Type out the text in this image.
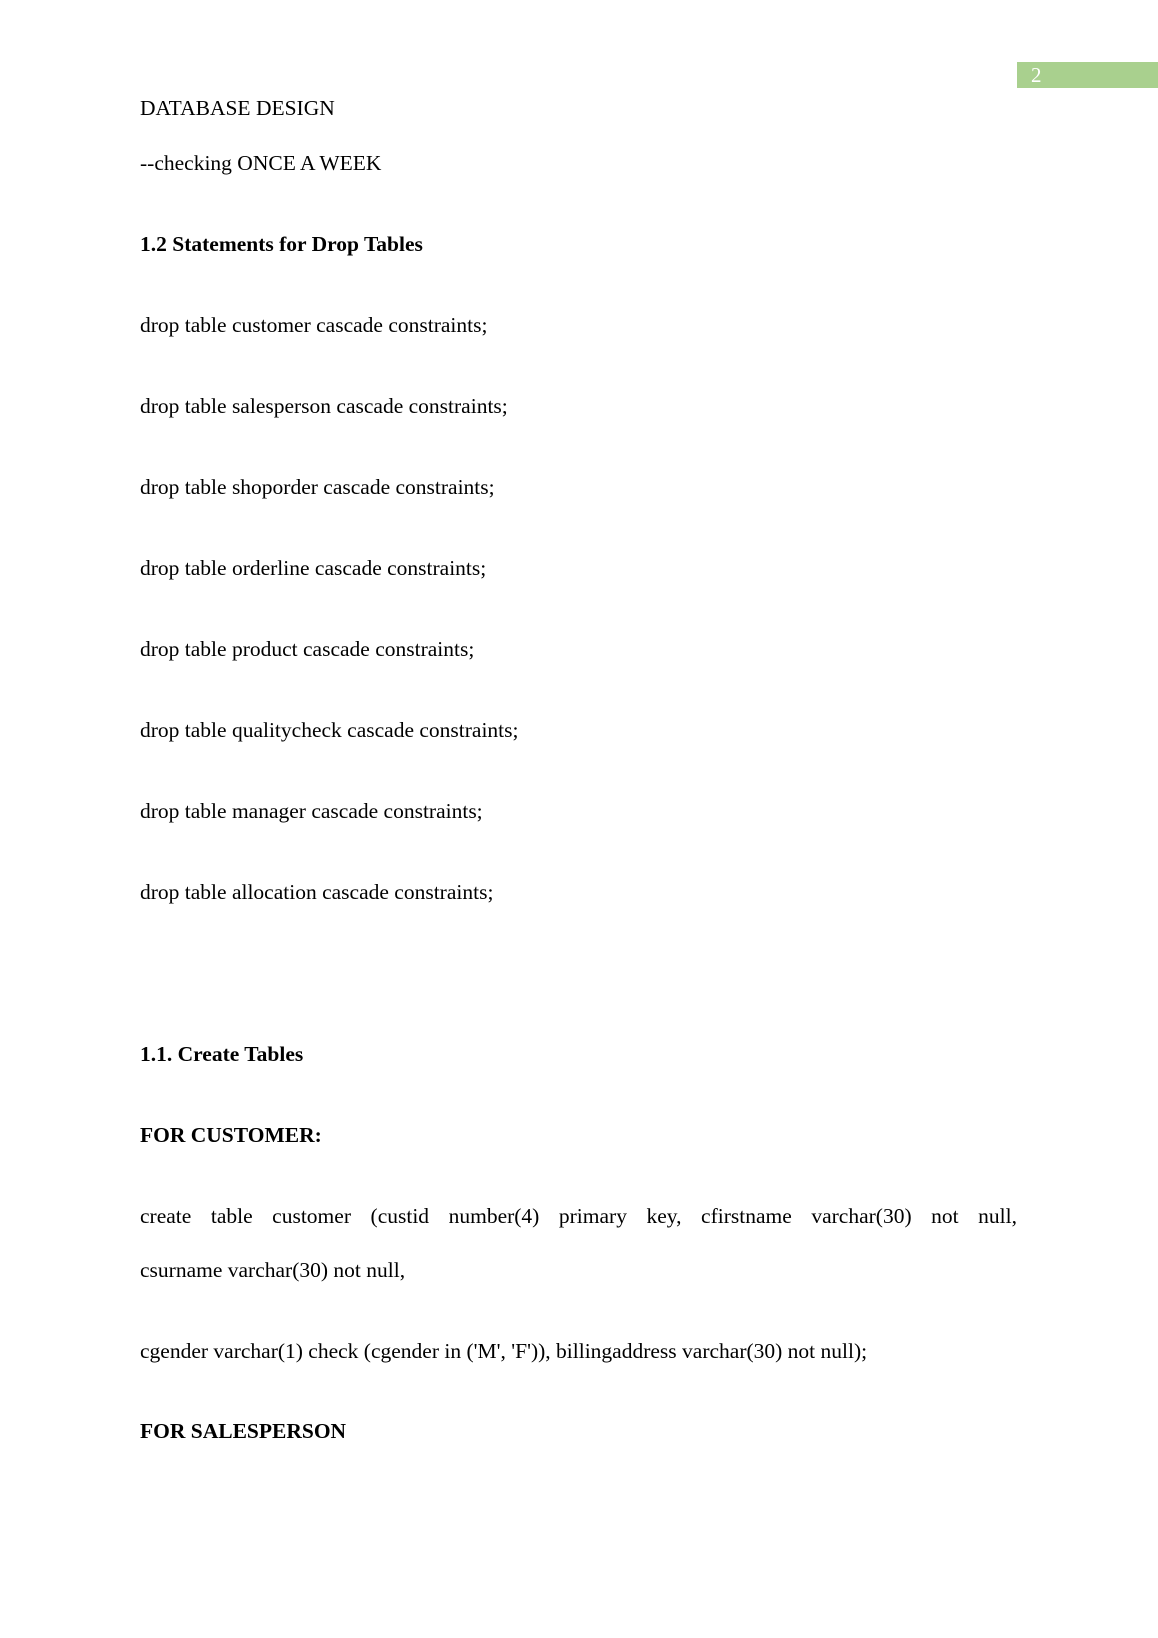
2
DATABASE DESIGN
--checking ONCE A WEEK
1.2 Statements for Drop Tables
drop table customer cascade constraints;
drop table salesperson cascade constraints;
drop table shoporder cascade constraints;
drop table orderline cascade constraints;
drop table product cascade constraints;
drop table qualitycheck cascade constraints;
drop table manager cascade constraints;
drop table allocation cascade constraints;
1.1. Create Tables
FOR CUSTOMER:
create table customer (custid number(4) primary key, cfirstname varchar(30) not null,
csurname varchar(30) not null,
cgender varchar(1) check (cgender in ('M', 'F')), billingaddress varchar(30) not null);
FOR SALESPERSON
